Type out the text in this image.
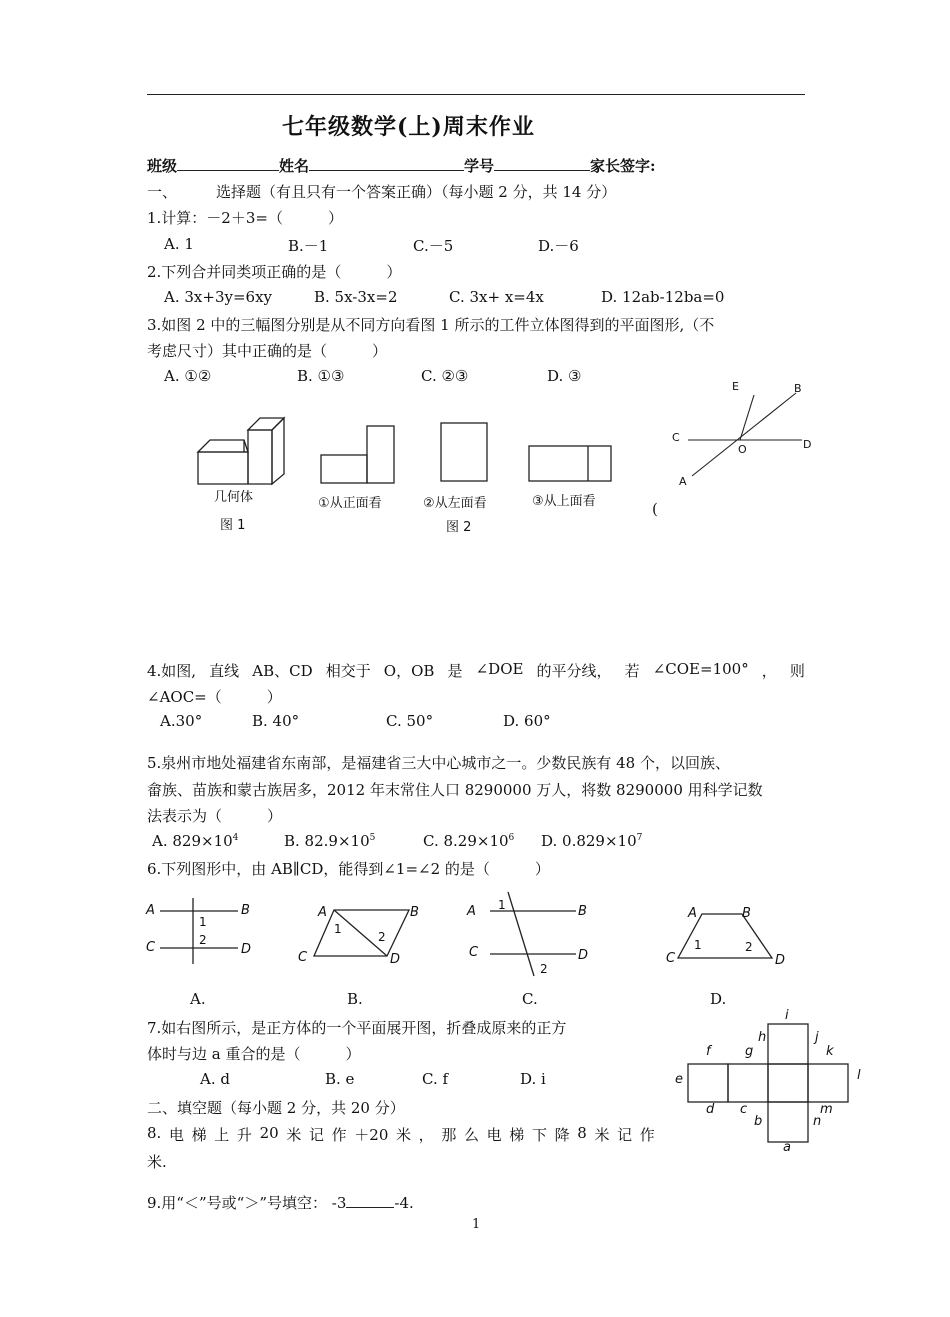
七年级数学(上)周末作业
班级	姓名	学号	家长签字:
一、	选择题（有且只有一个答案正确）（每小题 2 分，共 14 分）
1.计算：－2＋3=（　　　）
A. 1	B.－1	C.－5	D.－6
2.下列合并同类项正确的是（　　　）
A. 3x+3y=6xy	B. 5x-3x=2	C. 3x+ x=4x	D. 12ab-12ba=0
3.如图 2 中的三幅图分别是从不同方向看图 1 所示的工件立体图得到的平面图形,（不
考虑尺寸）其中正确的是（　　　）
A. ①②	B. ①③	C. ②③	D. ③
几何体
图 1
①从正面看	②从左面看
图 2
③从上面看	(
E	B
C
D
O
A
4.如图, 直线 AB、CD 相交于 O，OB 是 ∠DOE 的平分线， 若 ∠COE=100° ， 则
∠AOC=（　　　）
A.30°	B. 40°	C. 50°	D. 60°
5.泉州市地处福建省东南部，是福建省三大中心城市之一。少数民族有 48 个，以回族、
畲族、苗族和蒙古族居多，2012 年末常住人口 8290000 万人，将数 8290000 用科学记数
法表示为（　　　）
A. $829\times 10^4$	B. $82.9\times 10^5$	C. $8.29\times 10^6$ D. $0.829\times 10^7$
6.下列图形中，由 AB∥CD，能得到∠1=∠2 的是（　　　）
A	B
C	D
1
2
A	B
C	D
1
2
A	B
C	D
1
2
A	B
C	D
1	2
A.	B.	C.	D.
7.如右图所示，是正方体的一个平面展开图，折叠成原来的正方
体时与边 a 重合的是（　　　）
A. d	B. e	C. f	D. i
i
h	j
k
f	g
e	l
d c	m
b	n
a
二、填空题（每小题 2 分，共 20 分）
8. 电 梯 上 升 20 米 记 作 ＋20 米 ， 那 么 电 梯 下 降 8 米 记 作
米.
9.用“＜”号或“＞”号填空： -3	-4.
1
